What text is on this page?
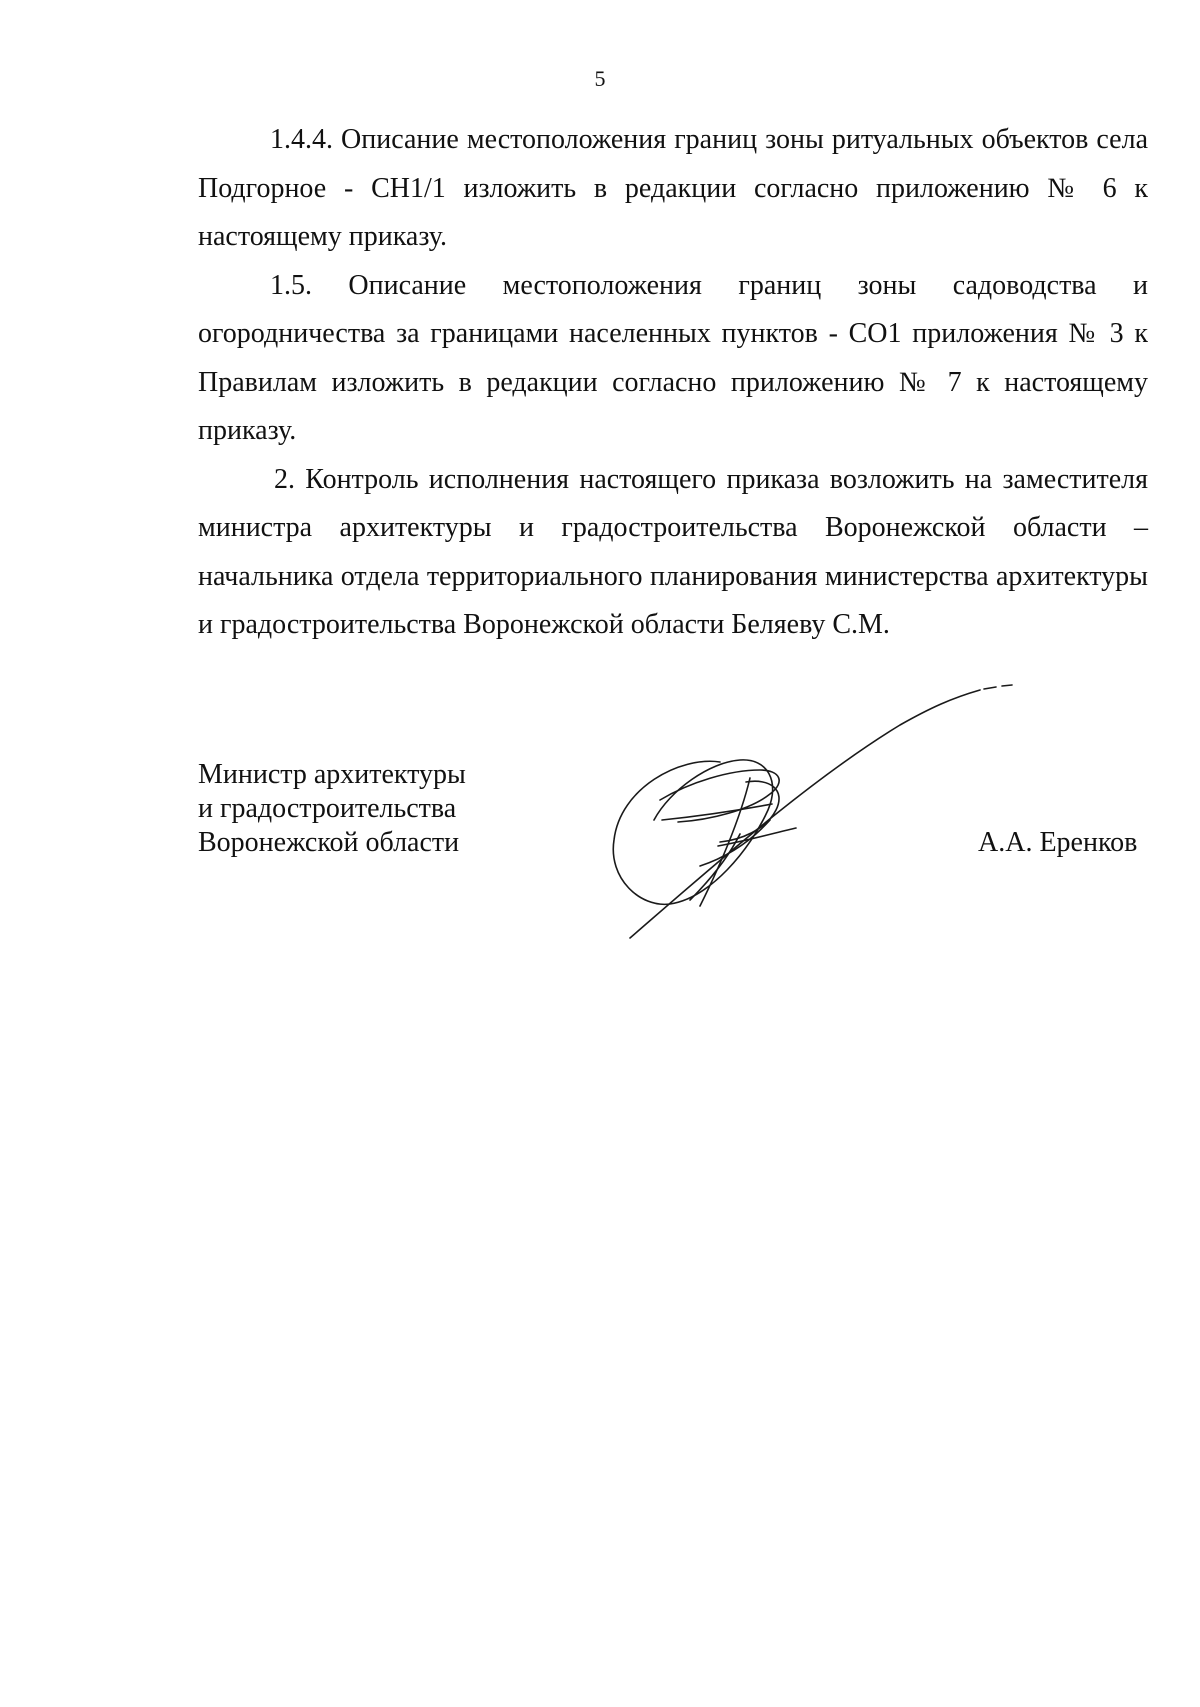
5

1.4.4. Описание местоположения границ зоны ритуальных объектов села Подгорное - СН1/1 изложить в редакции согласно приложению № 6 к настоящему приказу.

1.5. Описание местоположения границ зоны садоводства и огородничества за границами населенных пунктов - СО1 приложения № 3 к Правилам изложить в редакции согласно приложению № 7 к настоящему приказу.

2. Контроль исполнения настоящего приказа возложить на заместителя министра архитектуры и градостроительства Воронежской области – начальника отдела территориального планирования министерства архитектуры и градостроительства Воронежской области Беляеву С.М.

Министр архитектуры
и градостроительства
Воронежской области	А.А. Еренков
